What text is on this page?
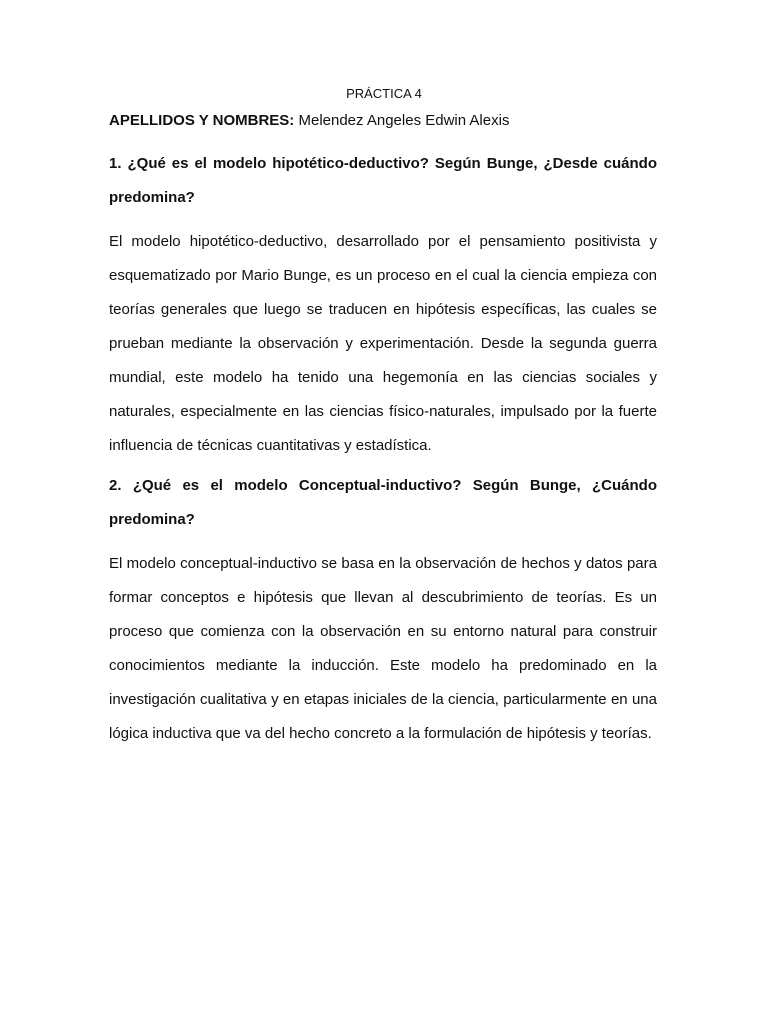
PRÁCTICA 4

APELLIDOS Y NOMBRES: Melendez Angeles Edwin Alexis

1. ¿Qué es el modelo hipotético-deductivo? Según Bunge, ¿Desde cuándo predomina?

El modelo hipotético-deductivo, desarrollado por el pensamiento positivista y esquematizado por Mario Bunge, es un proceso en el cual la ciencia empieza con teorías generales que luego se traducen en hipótesis específicas, las cuales se prueban mediante la observación y experimentación. Desde la segunda guerra mundial, este modelo ha tenido una hegemonía en las ciencias sociales y naturales, especialmente en las ciencias físico-naturales, impulsado por la fuerte influencia de técnicas cuantitativas y estadística.

2. ¿Qué es el modelo Conceptual-inductivo? Según Bunge, ¿Cuándo predomina?

El modelo conceptual-inductivo se basa en la observación de hechos y datos para formar conceptos e hipótesis que llevan al descubrimiento de teorías. Es un proceso que comienza con la observación en su entorno natural para construir conocimientos mediante la inducción. Este modelo ha predominado en la investigación cualitativa y en etapas iniciales de la ciencia, particularmente en una lógica inductiva que va del hecho concreto a la formulación de hipótesis y teorías.
